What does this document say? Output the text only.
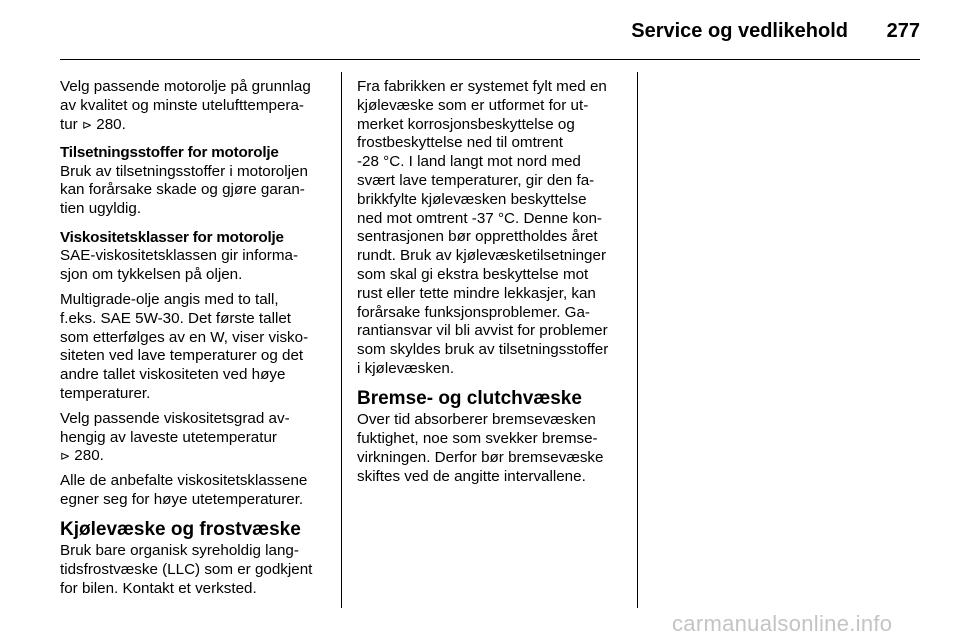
Service og vedlikehold	277

Velg passende motorolje på grunnlag
av kvalitet og minste utelufttempera-
tur ⊳ 280.

Tilsetningsstoffer for motorolje
Bruk av tilsetningsstoffer i motoroljen
kan forårsake skade og gjøre garan-
tien ugyldig.

Viskositetsklasser for motorolje
SAE-viskositetsklassen gir informa-
sjon om tykkelsen på oljen.

Multigrade-olje angis med to tall,
f.eks. SAE 5W-30. Det første tallet
som etterfølges av en W, viser visko-
siteten ved lave temperaturer og det
andre tallet viskositeten ved høye
temperaturer.

Velg passende viskositetsgrad av-
hengig av laveste utetemperatur
⊳ 280.

Alle de anbefalte viskositetsklassene
egner seg for høye utetemperaturer.

Kjølevæske og frostvæske

Bruk bare organisk syreholdig lang-
tidsfrostvæske (LLC) som er godkjent
for bilen. Kontakt et verksted.

Fra fabrikken er systemet fylt med en
kjølevæske som er utformet for ut-
merket korrosjonsbeskyttelse og
frostbeskyttelse ned til omtrent
-28 °C. I land langt mot nord med
svært lave temperaturer, gir den fa-
brikkfylte kjølevæsken beskyttelse
ned mot omtrent -37 °C. Denne kon-
sentrasjonen bør opprettholdes året
rundt. Bruk av kjølevæsketilsetninger
som skal gi ekstra beskyttelse mot
rust eller tette mindre lekkasjer, kan
forårsake funksjonsproblemer. Ga-
rantiansvar vil bli avvist for problemer
som skyldes bruk av tilsetningsstoffer
i kjølevæsken.

Bremse- og clutchvæske

Over tid absorberer bremsevæsken
fuktighet, noe som svekker bremse-
virkningen. Derfor bør bremsevæske
skiftes ved de angitte intervallene.

carmanualsonline.info
